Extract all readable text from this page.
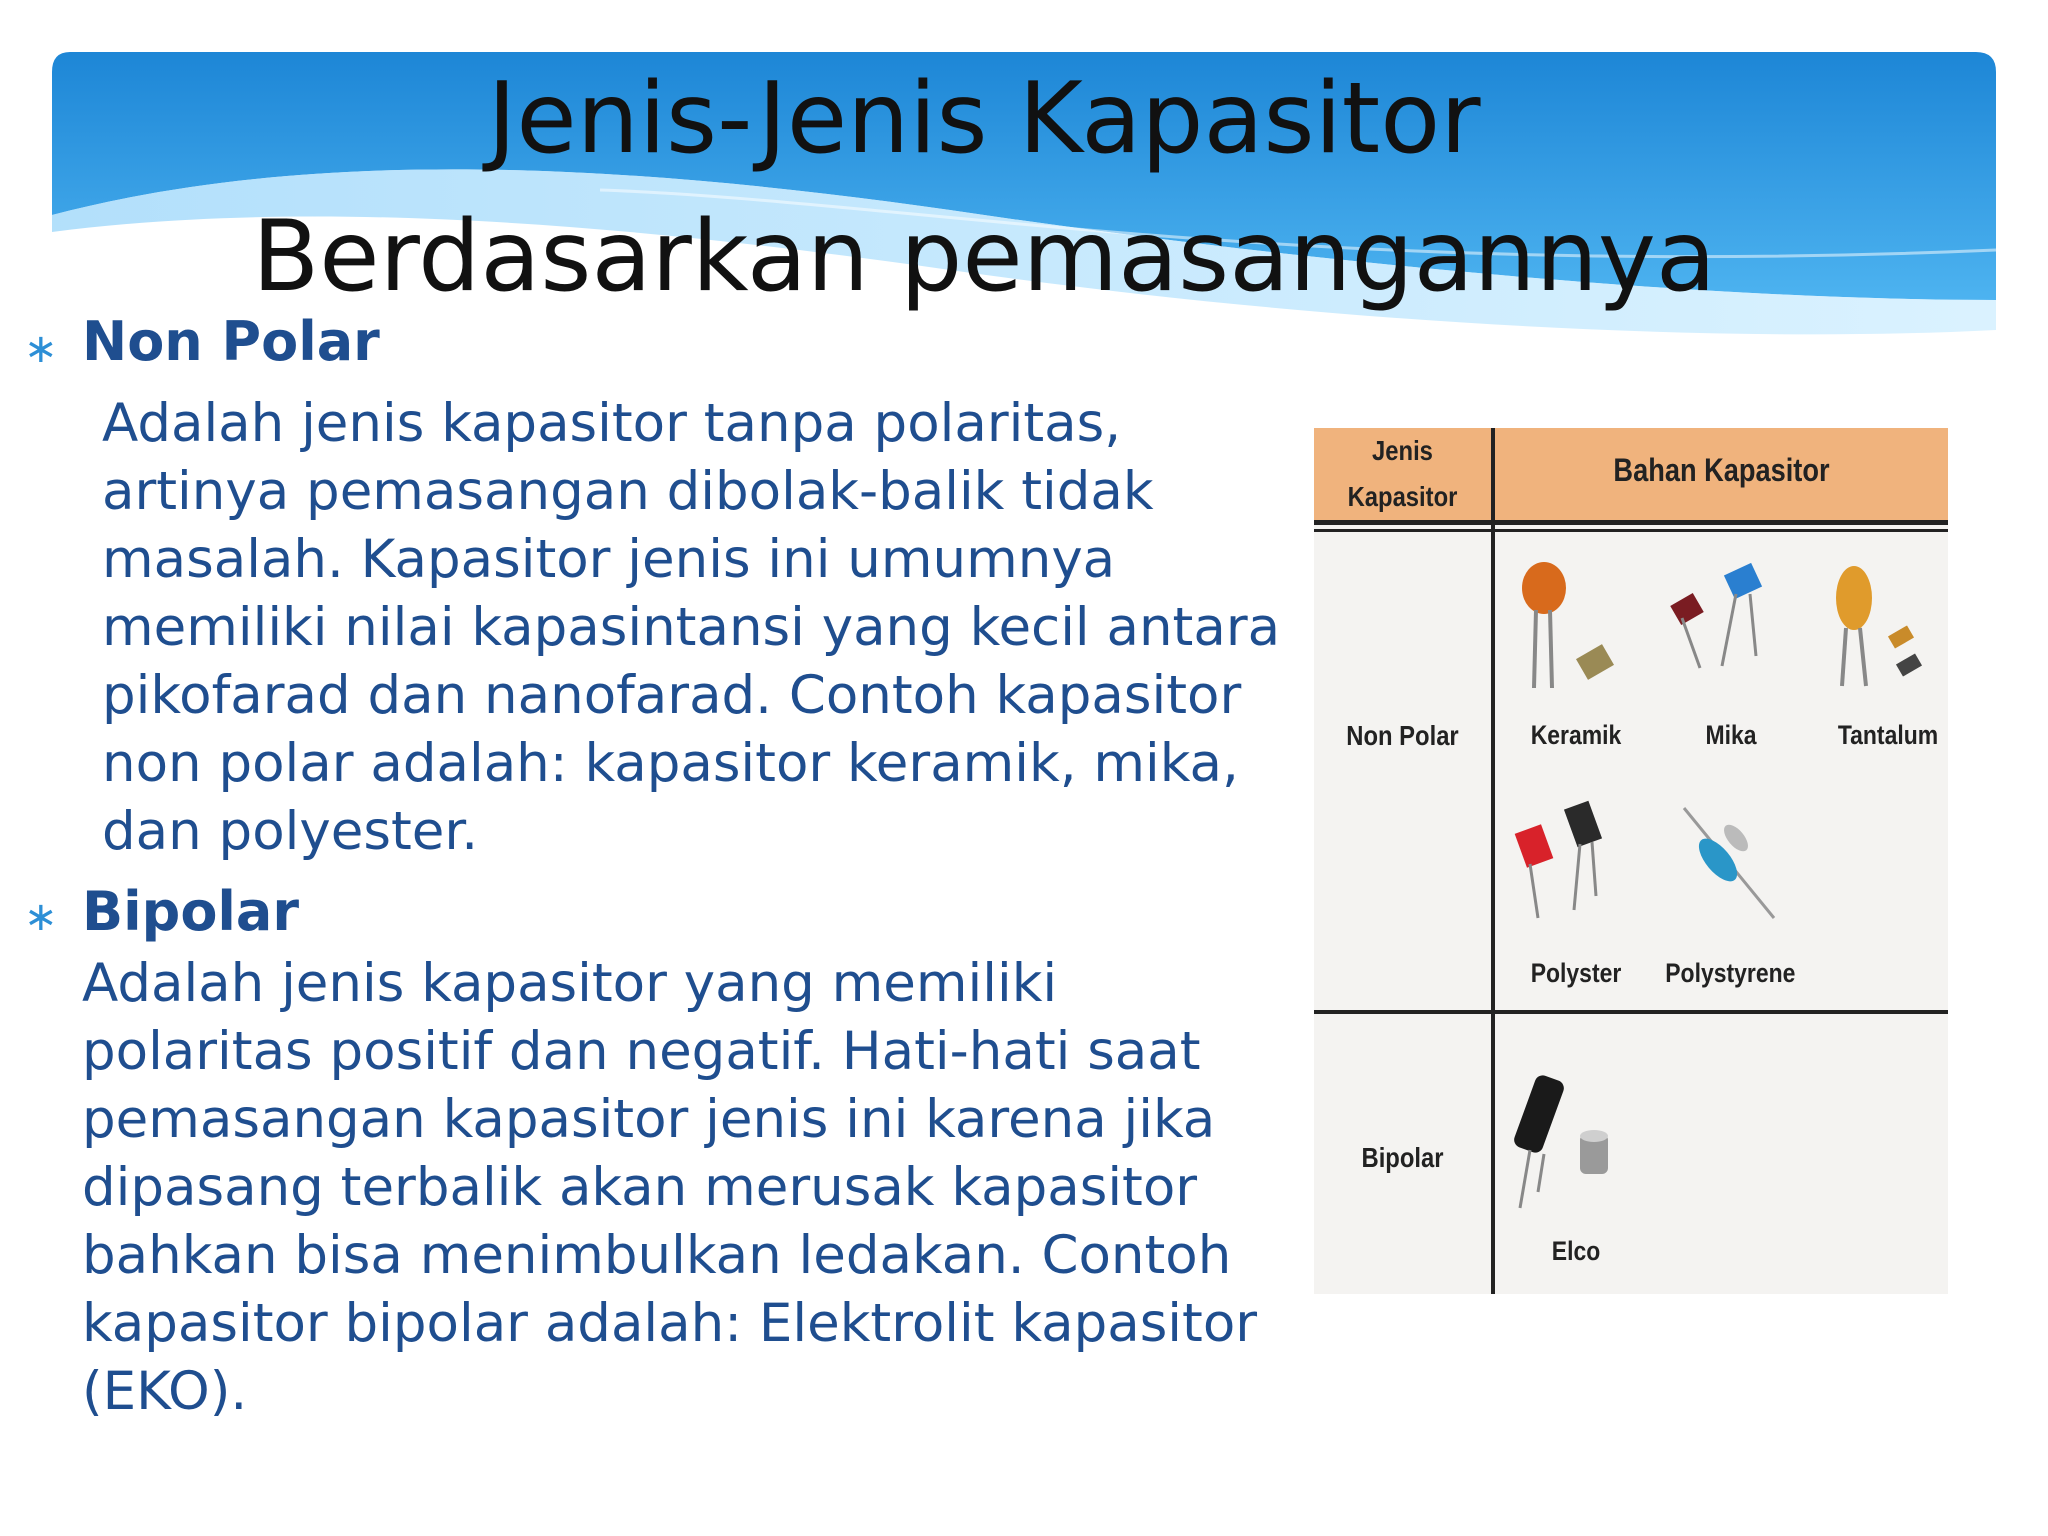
Jenis-Jenis Kapasitor
Berdasarkan pemasangannya
∗ Non Polar
Adalah jenis kapasitor tanpa polaritas,
artinya pemasangan dibolak-balik tidak
masalah. Kapasitor jenis ini umumnya
memiliki nilai kapasintansi yang kecil antara
pikofarad dan nanofarad. Contoh kapasitor
non polar adalah: kapasitor keramik, mika,
dan polyester.
∗ Bipolar
Adalah jenis kapasitor yang memiliki
polaritas positif dan negatif. Hati-hati saat
pemasangan kapasitor jenis ini karena jika
dipasang terbalik akan merusak kapasitor
bahkan bisa menimbulkan ledakan. Contoh
kapasitor bipolar adalah: Elektrolit kapasitor
(EKO).
Jenis
Kapasitor
Bahan Kapasitor
Non Polar
Bipolar
Keramik	Mika	Tantalum
Polyster Polystyrene
Elco
